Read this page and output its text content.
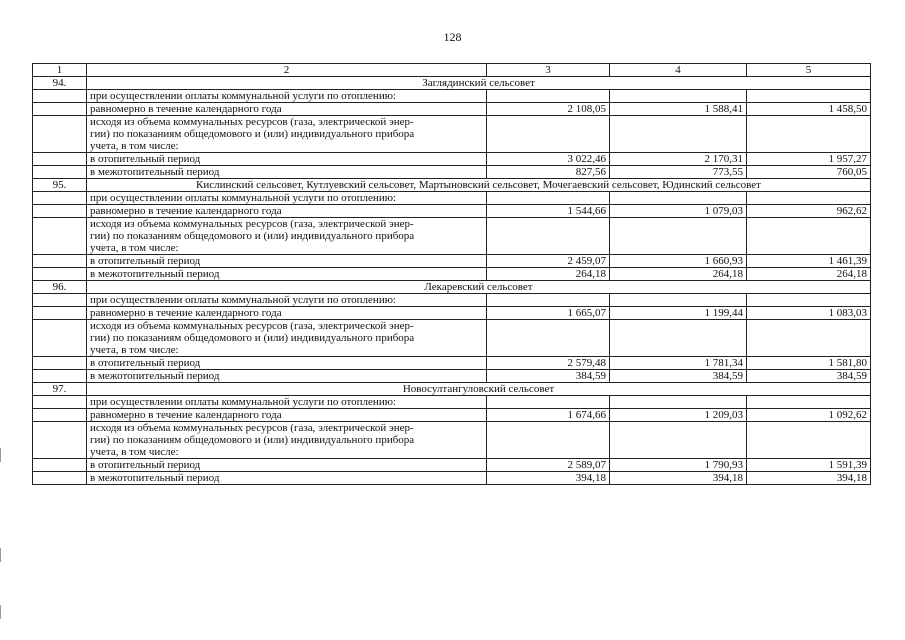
128
1	2	3	4	5
94.	Заглядинский сельсовет			
	при осуществлении оплаты коммунальной услуги по отоплению:			
	равномерно в течение календарного года	2 108,05	1 588,41	1 458,50
	исходя из объема коммунальных ресурсов (газа, электрической энер-
гии) по показаниям общедомового и (или) индивидуального прибора
учета, в том числе:			
	в отопительный период	3 022,46	2 170,31	1 957,27
	в межотопительный период	827,56	773,55	760,05
95.	Кислинский сельсовет, Кутлуевский сельсовет, Мартыновский сельсовет, Мочегаевский сельсовет, Юдинский сельсовет			
	при осуществлении оплаты коммунальной услуги по отоплению:			
	равномерно в течение календарного года	1 544,66	1 079,03	962,62
	исходя из объема коммунальных ресурсов (газа, электрической энер-
гии) по показаниям общедомового и (или) индивидуального прибора
учета, в том числе:			
	в отопительный период	2 459,07	1 660,93	1 461,39
	в межотопительный период	264,18	264,18	264,18
96.	Лекаревский сельсовет			
	при осуществлении оплаты коммунальной услуги по отоплению:			
	равномерно в течение календарного года	1 665,07	1 199,44	1 083,03
	исходя из объема коммунальных ресурсов (газа, электрической энер-
гии) по показаниям общедомового и (или) индивидуального прибора
учета, в том числе:			
	в отопительный период	2 579,48	1 781,34	1 581,80
	в межотопительный период	384,59	384,59	384,59
97.	Новосултангуловский сельсовет			
	при осуществлении оплаты коммунальной услуги по отоплению:			
	равномерно в течение календарного года	1 674,66	1 209,03	1 092,62
	исходя из объема коммунальных ресурсов (газа, электрической энер-
гии) по показаниям общедомового и (или) индивидуального прибора
учета, в том числе:			
	в отопительный период	2 589,07	1 790,93	1 591,39
	в межотопительный период	394,18	394,18	394,18
